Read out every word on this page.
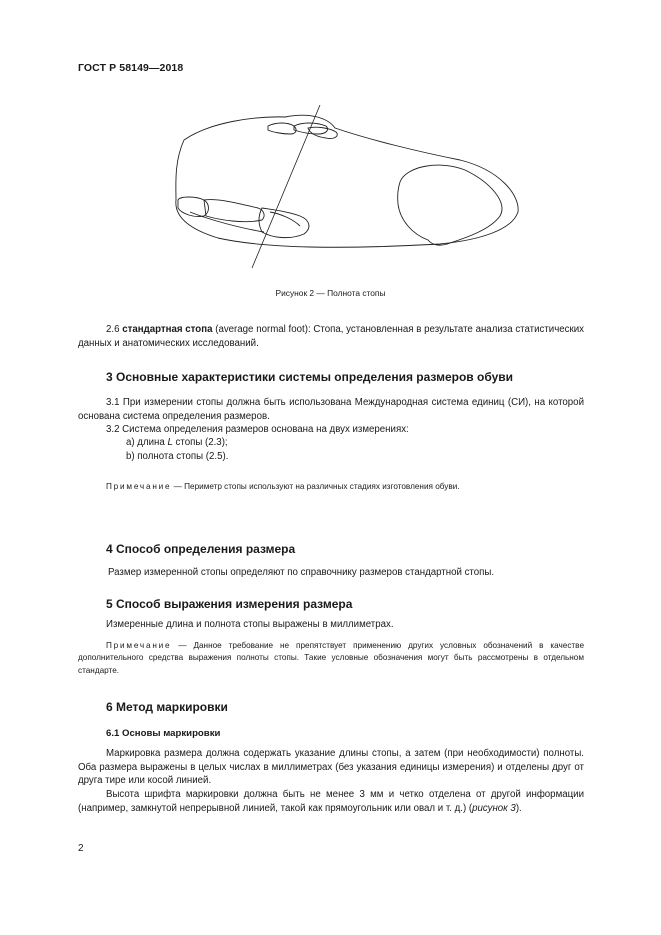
ГОСТ Р 58149—2018
Рисунок 2 — Полнота стопы

2.6 стандартная стопа (average normal foot): Стопа, установленная в результате анализа статистических данных и анатомических исследований.

3 Основные характеристики системы определения размеров обуви

3.1 При измерении стопы должна быть использована Международная система единиц (СИ), на которой основана система определения размеров.

3.2 Система определения размеров основана на двух измерениях:

а) длина L стопы (2.3);

b) полнота стопы (2.5).

Примечание — Периметр стопы используют на различных стадиях изготовления обуви.

4 Способ определения размера

Размер измеренной стопы определяют по справочнику размеров стандартной стопы.

5 Способ выражения измерения размера

Измеренные длина и полнота стопы выражены в миллиметрах.

Примечание — Данное требование не препятствует применению других условных обозначений в качестве дополнительного средства выражения полноты стопы. Такие условные обозначения могут быть рассмотрены в отдельном стандарте.

6 Метод маркировки
6.1 Основы маркировки

Маркировка размера должна содержать указание длины стопы, а затем (при необходимости) полноты. Оба размера выражены в целых числах в миллиметрах (без указания единицы измерения) и отделены друг от друга тире или косой линией.

Высота шрифта маркировки должна быть не менее 3 мм и четко отделена от другой информации (например, замкнутой непрерывной линией, такой как прямоугольник или овал и т. д.) (рисунок 3).

2
